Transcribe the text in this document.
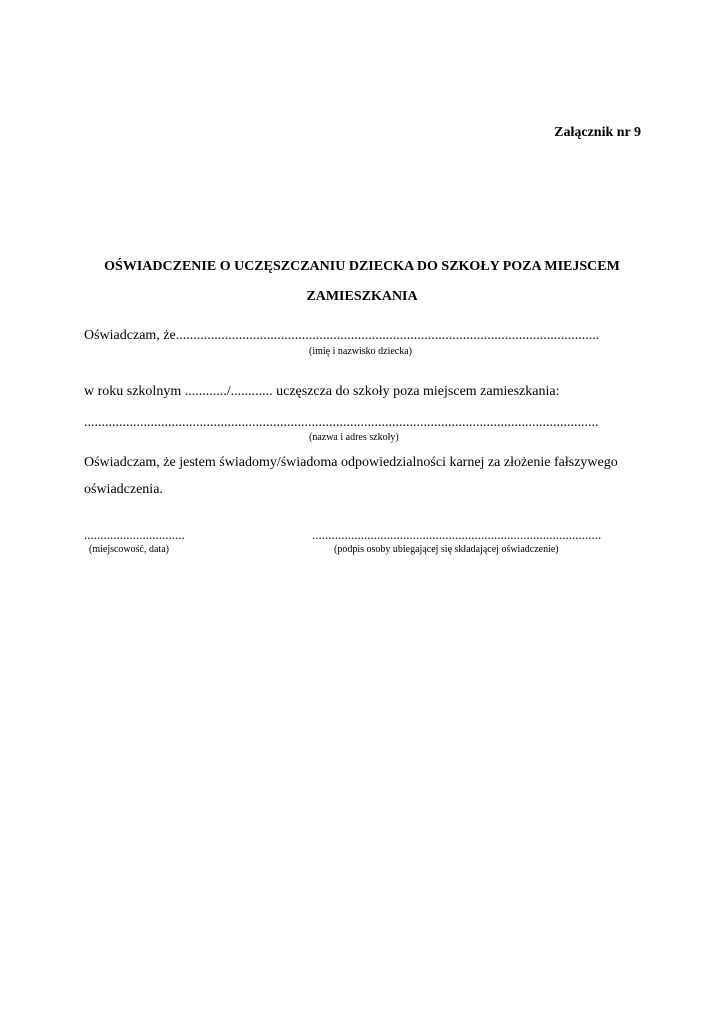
Załącznik nr 9
OŚWIADCZENIE O UCZĘSZCZANIU DZIECKA DO SZKOŁY POZA MIEJSCEM
ZAMIESZKANIA
Oświadczam, że.........................................................................................................................
(imię i nazwisko dziecka)
w roku szkolnym ............/............ uczęszcza do szkoły poza miejscem zamieszkania:
...................................................................................................................................................
(nazwa i adres szkoły)
Oświadczam, że jestem świadomy/świadoma odpowiedzialności karnej za złożenie fałszywego
oświadczenia.
...............................
(miejscowość, data)
.........................................................................................
(podpis osoby ubiegającej się składającej oświadczenie)
